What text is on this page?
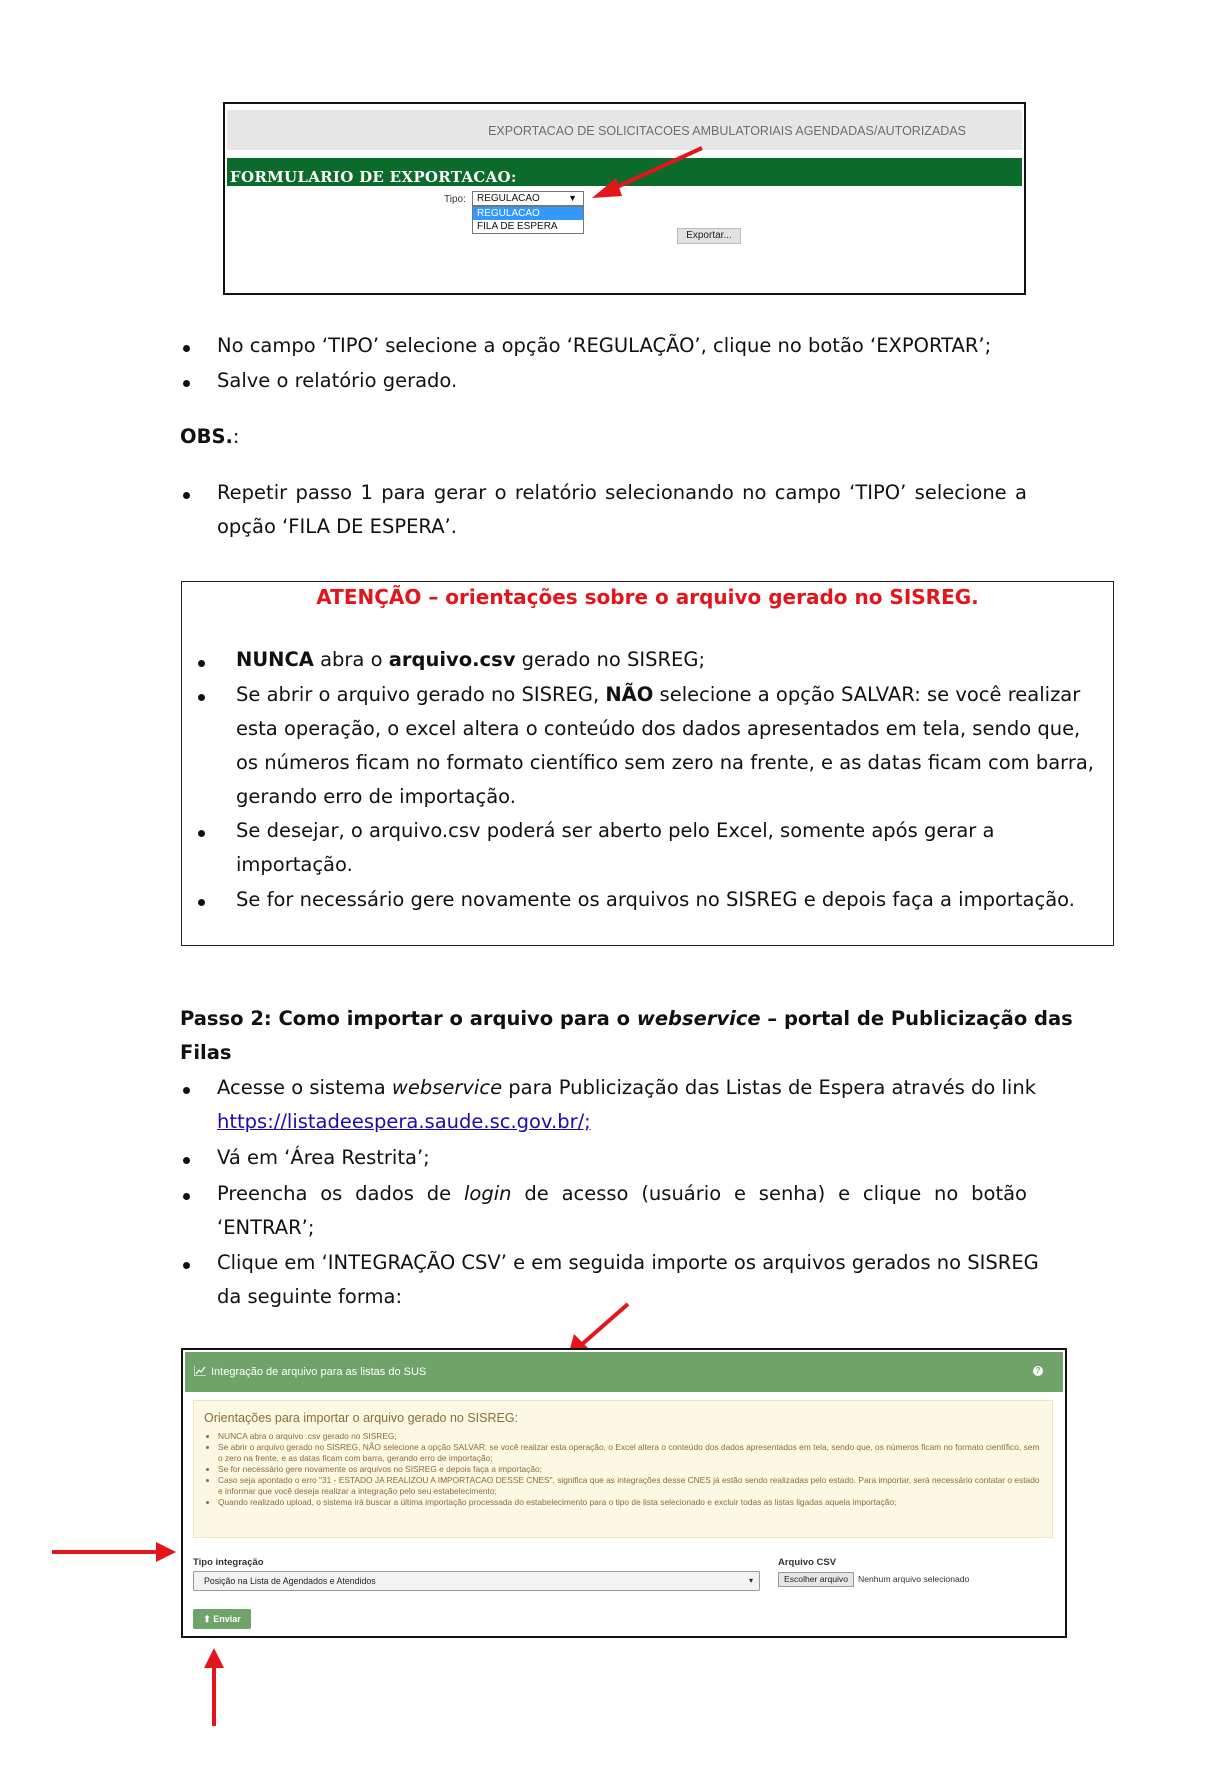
EXPORTACAO DE SOLICITACOES AMBULATORIAIS AGENDADAS/AUTORIZADAS
FORMULARIO DE EXPORTACAO:
Tipo:	REGULACAO	▼
REGULACAO
FILA DE ESPERA
Exportar...
No campo ‘TIPO’ selecione a opção ‘REGULAÇÃO’, clique no botão ‘EXPORTAR’;
Salve o relatório gerado.
OBS.:
Repetir passo 1 para gerar o relatório selecionando no campo ‘TIPO’ selecione a
opção ‘FILA DE ESPERA’.
ATENÇÃO – orientações sobre o arquivo gerado no SISREG.
NUNCA abra o arquivo.csv gerado no SISREG;
Se abrir o arquivo gerado no SISREG, NÃO selecione a opção SALVAR: se você realizar
esta operação, o excel altera o conteúdo dos dados apresentados em tela, sendo que,
os números ficam no formato científico sem zero na frente, e as datas ficam com barra,
gerando erro de importação.
Se desejar, o arquivo.csv poderá ser aberto pelo Excel, somente após gerar a
importação.
Se for necessário gere novamente os arquivos no SISREG e depois faça a importação.
Passo 2: Como importar o arquivo para o webservice – portal de Publicização das
Filas
Acesse o sistema webservice para Publicização das Listas de Espera através do link
https://listadeespera.saude.sc.gov.br/;
Vá em ‘Área Restrita’;
Preencha os dados de login de acesso (usuário e senha) e clique no botão
‘ENTRAR’;
Clique em ‘INTEGRAÇÃO CSV’ e em seguida importe os arquivos gerados no SISREG
da seguinte forma:
Integração de arquivo para as listas do SUS	?
Orientações para importar o arquivo gerado no SISREG:
• NUNCA abra o arquivo .csv gerado no SISREG;
• Se abrir o arquivo gerado no SISREG, NÃO selecione a opção SALVAR: se você realizar esta operação, o Excel altera o conteúdo dos dados apresentados em tela, sendo que, os números ficam no formato científico, sem o zero na frente, e as datas ficam com barra, gerando erro de importação;
• Se for necessário gere novamente os arquivos no SISREG e depois faça a importação;
• Caso seja apontado o erro "31 - ESTADO JA REALIZOU A IMPORTACAO DESSE CNES", significa que as integrações desse CNES já estão sendo realizadas pelo estado. Para importar, será necessário contatar o estado e informar que você deseja realizar a integração pelo seu estabelecimento;
• Quando realizado upload, o sistema irá buscar a última importação processada do estabelecimento para o tipo de lista selecionado e excluir todas as listas ligadas aquela importação;
Tipo integração
Posição na Lista de Agendados e Atendidos	▾
Arquivo CSV
Escolher arquivo	Nenhum arquivo selecionado
⬆ Enviar
